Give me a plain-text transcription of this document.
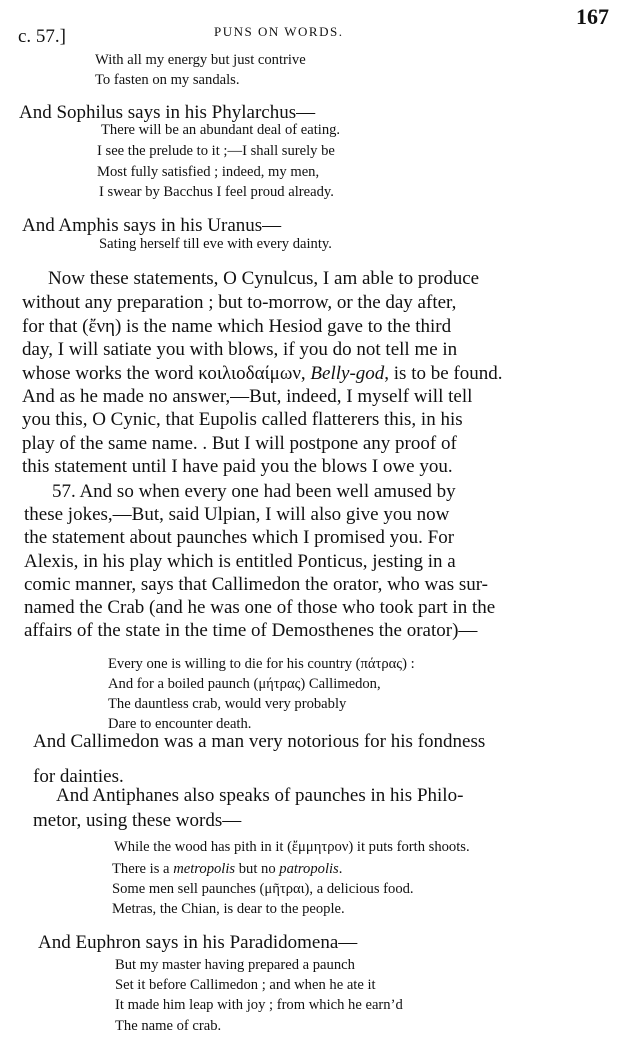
c. 57.]	PUNS ON WORDS.
167
With all my energy but just contrive
To fasten on my sandals.
And Sophilus says in his Phylarchus—
There will be an abundant deal of eating.
I see the prelude to it ;—I shall surely be
Most fully satisfied ; indeed, my men,
I swear by Bacchus I feel proud already.
And Amphis says in his Uranus—
Sating herself till eve with every dainty.
Now these statements, O Cynulcus, I am able to produce
without any preparation ; but to-morrow, or the day after,
for that (ἔνη) is the name which Hesiod gave to the third
day, I will satiate you with blows, if you do not tell me in
whose works the word κοιλιοδαίμων, Belly-god, is to be found.
And as he made no answer,—But, indeed, I myself will tell
you this, O Cynic, that Eupolis called flatterers this, in his
play of the same name. . But I will postpone any proof of
this statement until I have paid you the blows I owe you.
57. And so when every one had been well amused by
these jokes,—But, said Ulpian, I will also give you now
the statement about paunches which I promised you. For
Alexis, in his play which is entitled Ponticus, jesting in a
comic manner, says that Callimedon the orator, who was sur-
named the Crab (and he was one of those who took part in the
affairs of the state in the time of Demosthenes the orator)—
Every one is willing to die for his country (πάτρας) :
And for a boiled paunch (μήτρας) Callimedon,
The dauntless crab, would very probably
Dare to encounter death.
And Callimedon was a man very notorious for his fondness
for dainties.
And Antiphanes also speaks of paunches in his Philo-
metor, using these words—
While the wood has pith in it (ἔμμητρον) it puts forth shoots.
There is a metropolis but no patropolis.
Some men sell paunches (μῆτραι), a delicious food.
Metras, the Chian, is dear to the people.
And Euphron says in his Paradidomena—
But my master having prepared a paunch
Set it before Callimedon ; and when he ate it
It made him leap with joy ; from which he earn’d
The name of crab.
